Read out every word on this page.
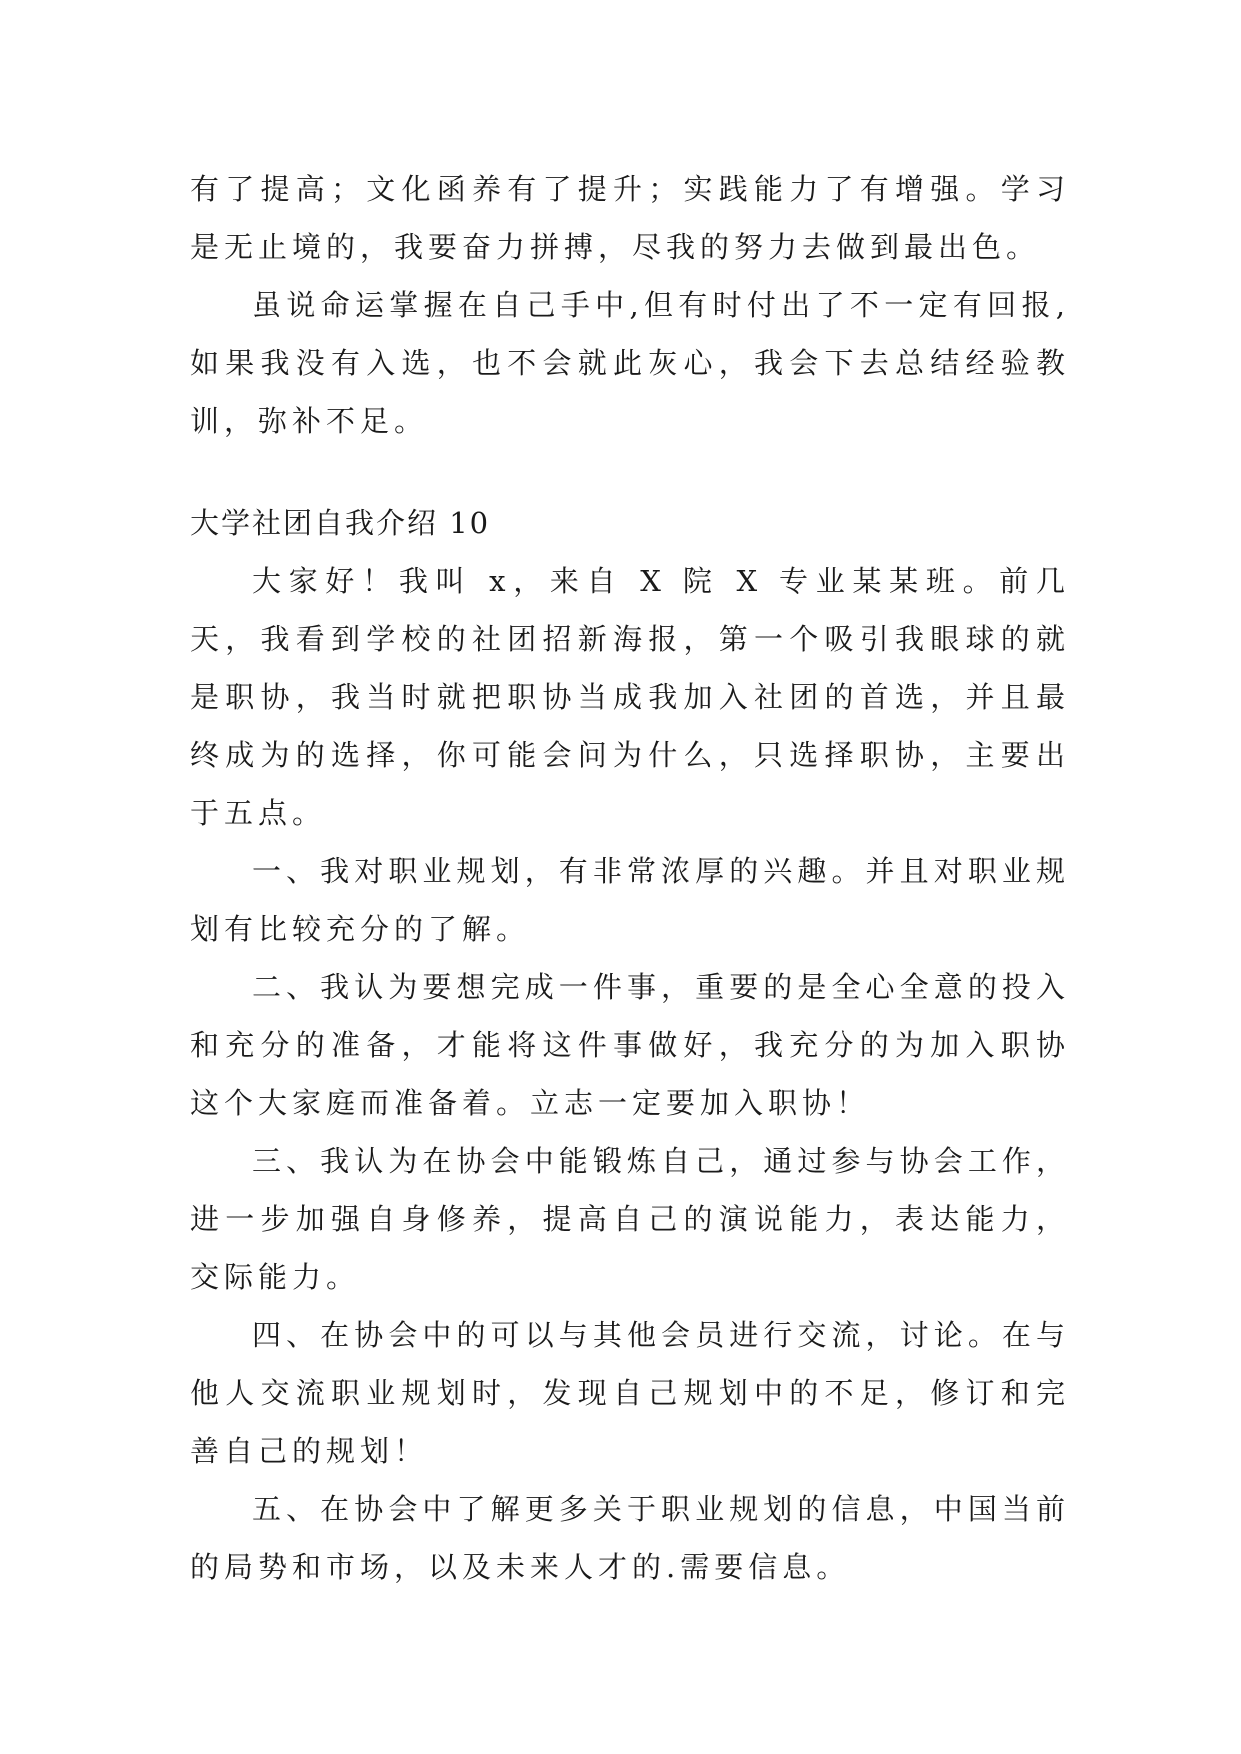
有了提高；文化函养有了提升；实践能力了有增强。学习是无止境的，我要奋力拼搏，尽我的努力去做到最出色。

虽说命运掌握在自己手中,但有时付出了不一定有回报,如果我没有入选，也不会就此灰心，我会下去总结经验教训，弥补不足。

大学社团自我介绍 10

大家好！我叫 x，来自 X 院 X 专业某某班。前几天，我看到学校的社团招新海报，第一个吸引我眼球的就是职协，我当时就把职协当成我加入社团的首选，并且最终成为的选择，你可能会问为什么，只选择职协，主要出于五点。

一、我对职业规划，有非常浓厚的兴趣。并且对职业规划有比较充分的了解。

二、我认为要想完成一件事，重要的是全心全意的投入和充分的准备，才能将这件事做好，我充分的为加入职协这个大家庭而准备着。立志一定要加入职协！

三、我认为在协会中能锻炼自己，通过参与协会工作，进一步加强自身修养，提高自己的演说能力，表达能力，交际能力。

四、在协会中的可以与其他会员进行交流，讨论。在与他人交流职业规划时，发现自己规划中的不足，修订和完善自己的规划！

五、在协会中了解更多关于职业规划的信息，中国当前的局势和市场，以及未来人才的.需要信息。
